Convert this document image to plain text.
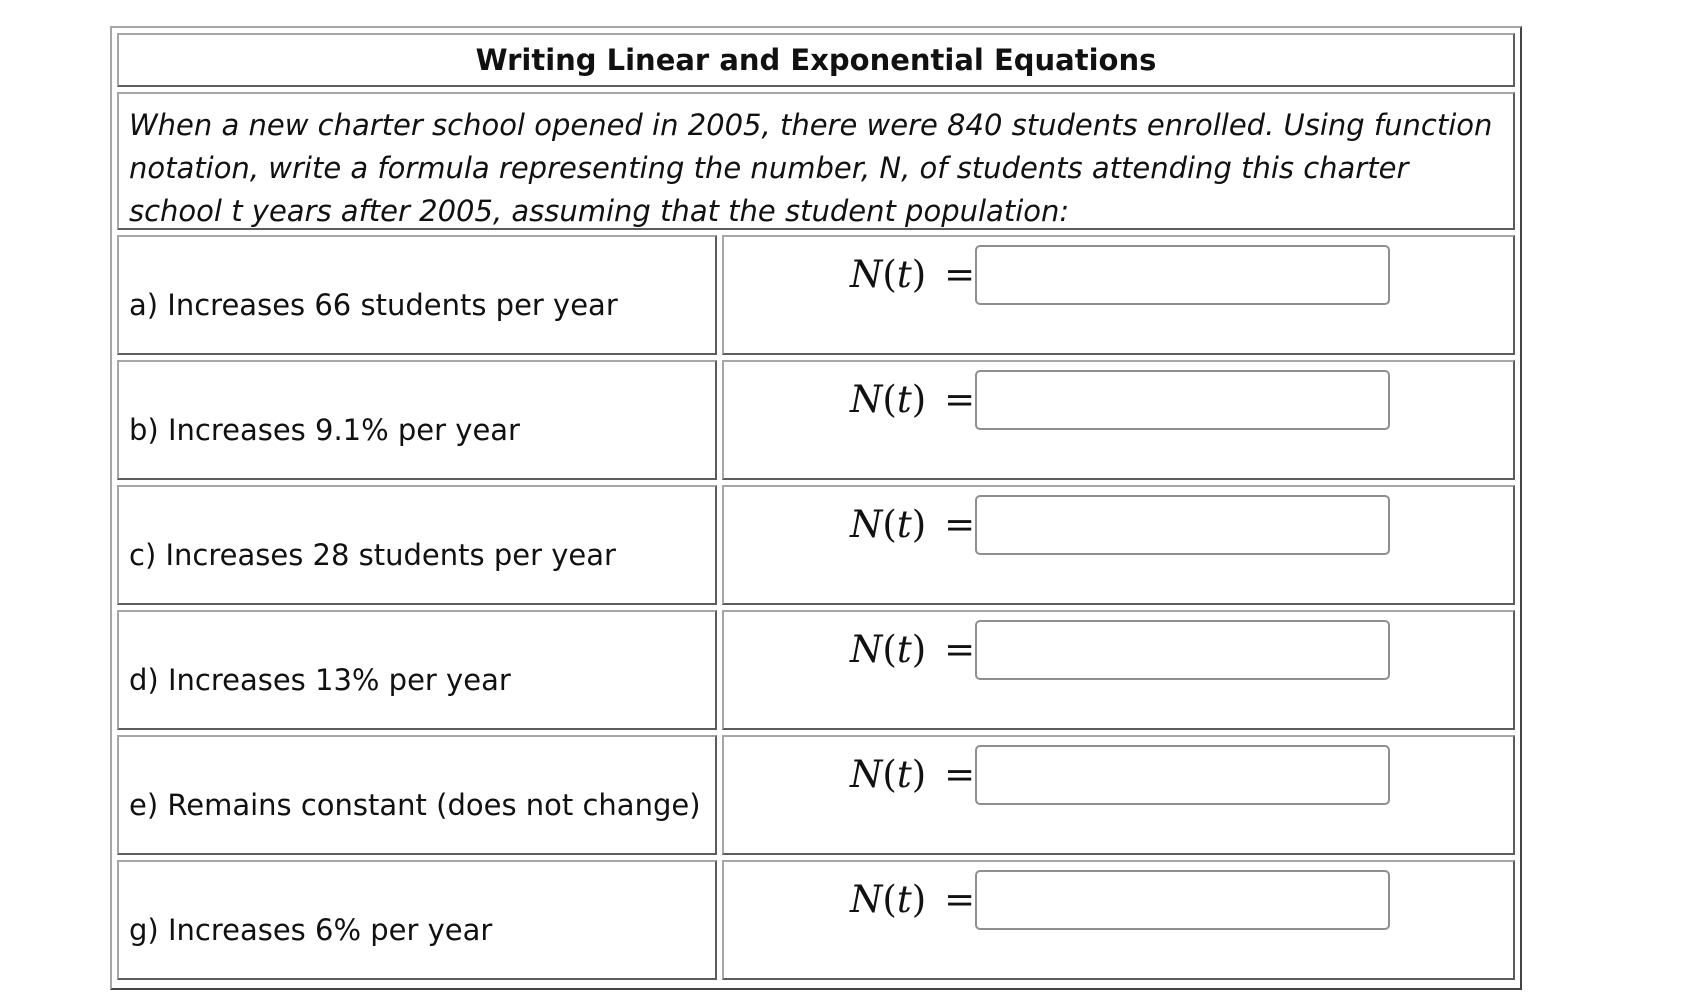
Writing Linear and Exponential Equations
When a new charter school opened in 2005, there were 840 students enrolled. Using function notation, write a formula representing the number, N, of students attending this charter school t years after 2005, assuming that the student population:
a) Increases 66 students per year
N(t) =
b) Increases 9.1% per year
N(t) =
c) Increases 28 students per year
N(t) =
d) Increases 13% per year
N(t) =
e) Remains constant (does not change)
N(t) =
g) Increases 6% per year
N(t) =
